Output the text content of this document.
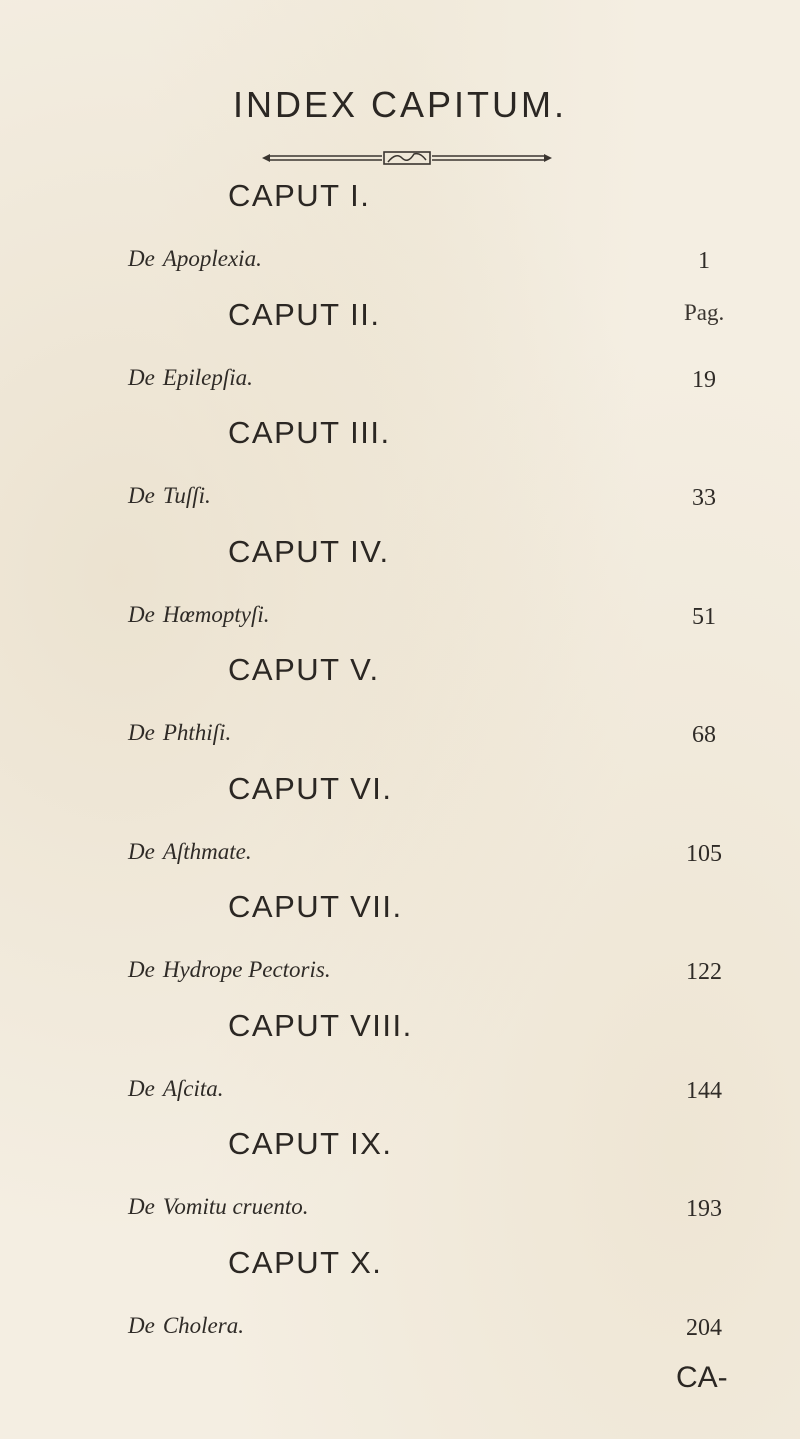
INDEX CAPITUM.
Pag.
CAPUT I.
De Apoplexia.	1
CAPUT II.
De Epilepſia.	19
CAPUT III.
De Tuſſi.	33
CAPUT IV.
De Hœmoptyſi.	51
CAPUT V.
De Phthiſi.	68
CAPUT VI.
De Aſthmate.	105
CAPUT VII.
De Hydrope Pectoris.	122
CAPUT VIII.
De Aſcita.	144
CAPUT IX.
De Vomitu cruento.	193
CAPUT X.
De Cholera.	204
CA-
